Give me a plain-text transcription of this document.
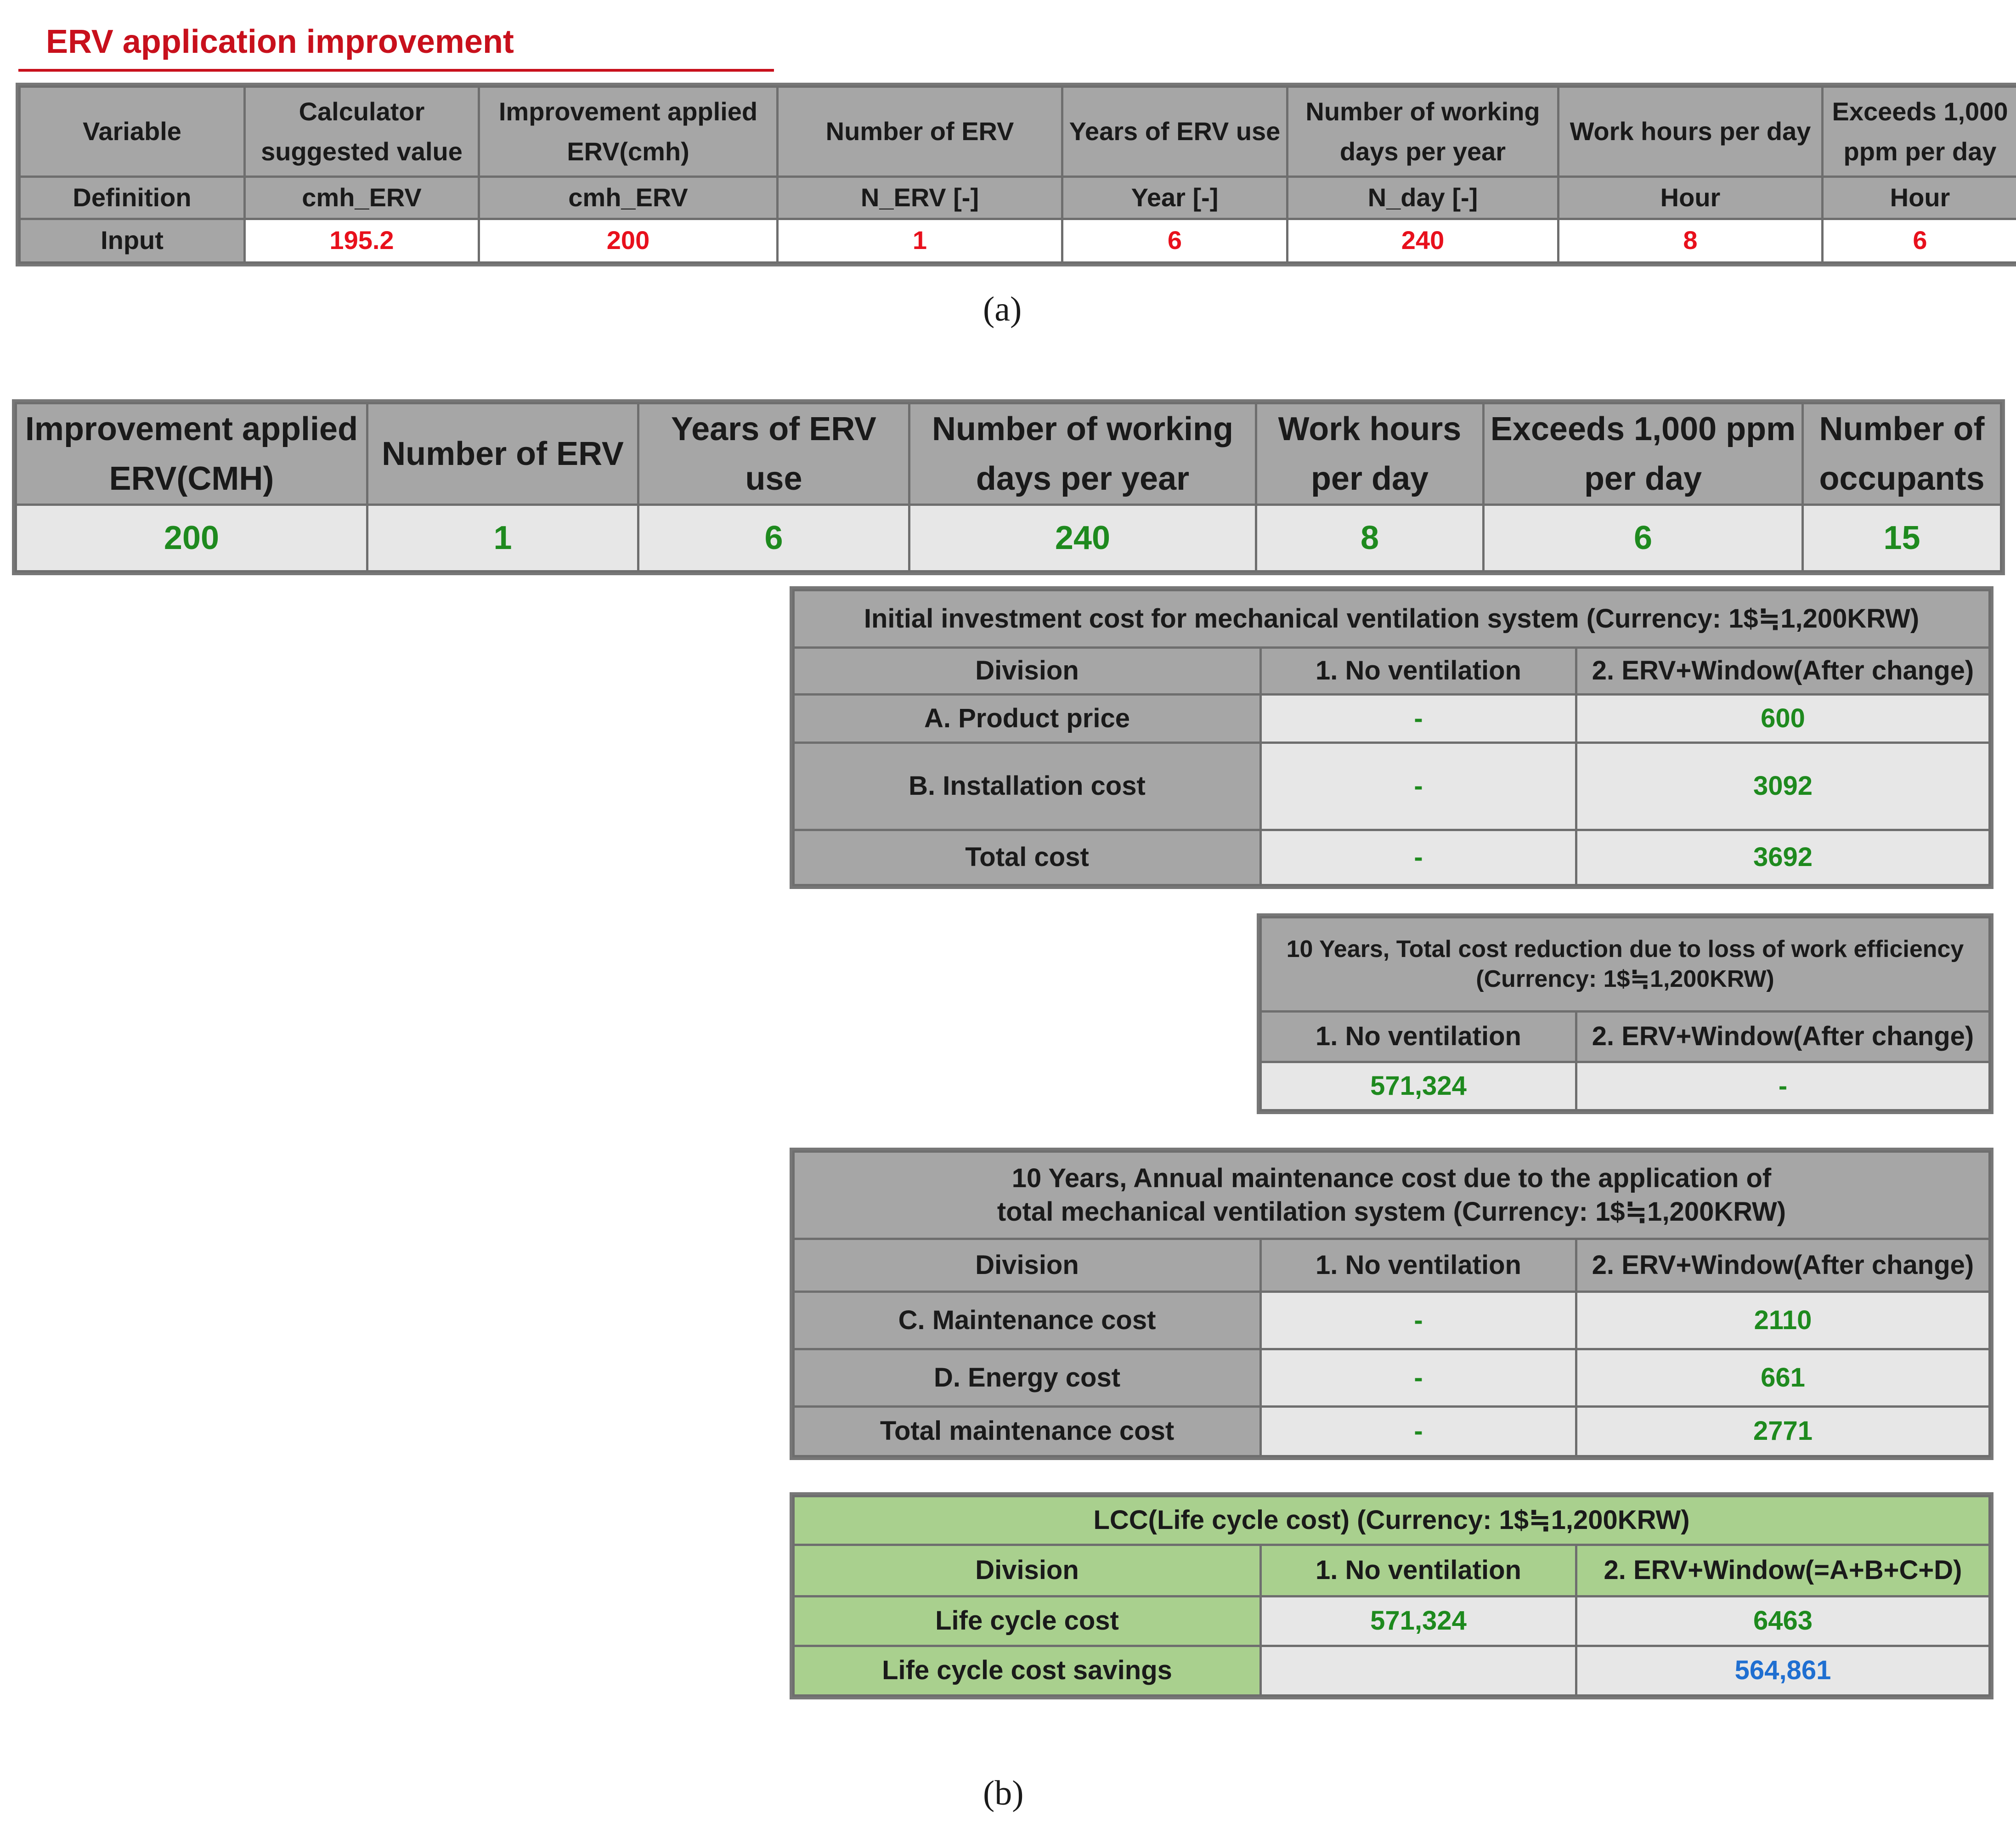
ERV application improvement
Variable	Calculator suggested value	Improvement applied ERV(cmh)	Number of ERV	Years of ERV use	Number of working days per year	Work hours per day	Exceeds 1,000 ppm per day
Definition	cmh_ERV	cmh_ERV	N_ERV [-]	Year [-]	N_day [-]	Hour	Hour
Input	195.2	200	1	6	240	8	6
(a)
Improvement applied ERV(CMH)	Number of ERV	Years of ERV use	Number of working days per year	Work hours per day	Exceeds 1,000 ppm per day	Number of occupants
200	1	6	240	8	6	15
Initial investment cost for mechanical ventilation system (Currency: 1$≒1,200KRW)		
Division	1. No ventilation	2. ERV+Window(After change)
A. Product price	-	600
B. Installation cost	-	3092
Total cost	-	3692
10 Years, Total cost reduction due to loss of work efficiency
(Currency: 1$≒1,200KRW)	

1. No ventilation	2. ERV+Window(After change)
571,324	-
10 Years, Annual maintenance cost due to the application of
total mechanical ventilation system (Currency: 1$≒1,200KRW)		

Division	1. No ventilation	2. ERV+Window(After change)
C. Maintenance cost	-	2110
D. Energy cost	-	661
Total maintenance cost	-	2771
LCC(Life cycle cost) (Currency: 1$≒1,200KRW)		
Division	1. No ventilation	2. ERV+Window(=A+B+C+D)
Life cycle cost	571,324	6463
Life cycle cost savings		564,861
(b)
